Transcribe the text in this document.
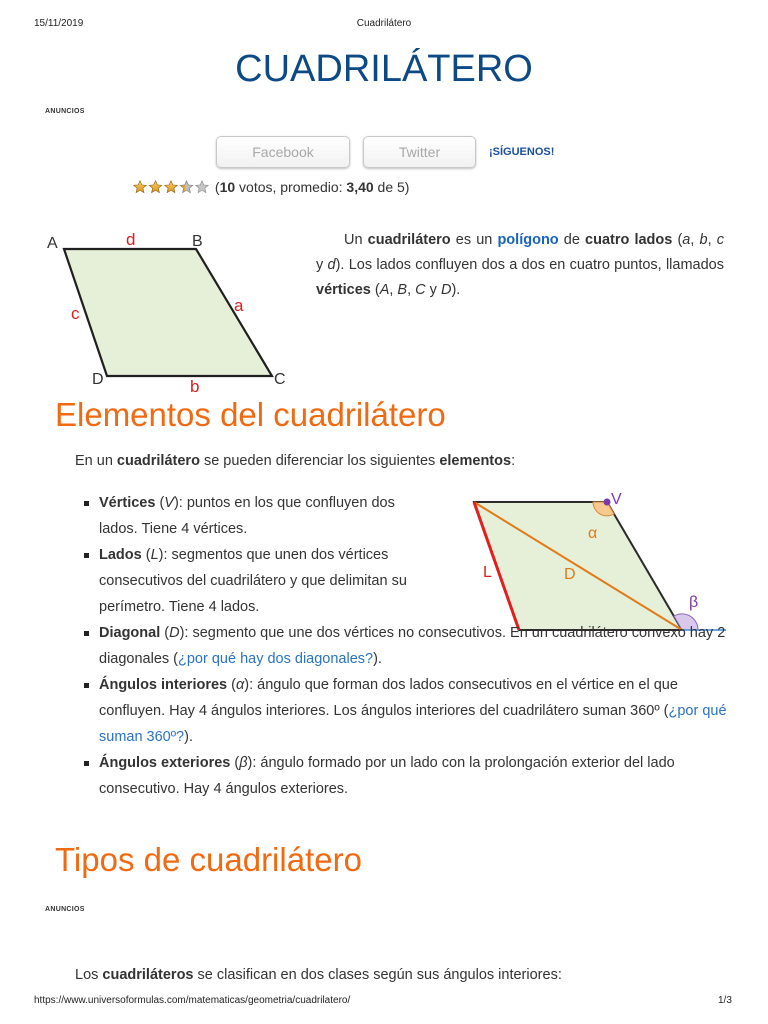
15/11/2019	Cuadrilátero
CUADRILÁTERO
ANUNCIOS
Facebook	Twitter	¡SÍGUENOS!
(10 votos, promedio: 3,40 de 5)
A	B
C
D
d
a
b
c
Un cuadrilátero es un polígono de cuatro lados (a, b, c y d). Los lados confluyen dos a dos en cuatro puntos, llamados vértices (A, B, C y D).
Elementos del cuadrilátero
En un cuadrilátero se pueden diferenciar los siguientes elementos:
V
α
L	D
β
Vértices (V): puntos en los que confluyen dos lados. Tiene 4 vértices.
Lados (L): segmentos que unen dos vértices consecutivos del cuadrilátero y que delimitan su perímetro. Tiene 4 lados.
Diagonal (D): segmento que une dos vértices no consecutivos. En un cuadrilátero convexo hay 2 diagonales (¿por qué hay dos diagonales?).
Ángulos interiores (α): ángulo que forman dos lados consecutivos en el vértice en el que confluyen. Hay 4 ángulos interiores. Los ángulos interiores del cuadrilátero suman 360º (¿por qué suman 360º?).
Ángulos exteriores (β): ángulo formado por un lado con la prolongación exterior del lado consecutivo. Hay 4 ángulos exteriores.
Tipos de cuadrilátero
ANUNCIOS
Los cuadriláteros se clasifican en dos clases según sus ángulos interiores:
https://www.universoformulas.com/matematicas/geometria/cuadrilatero/	1/3
